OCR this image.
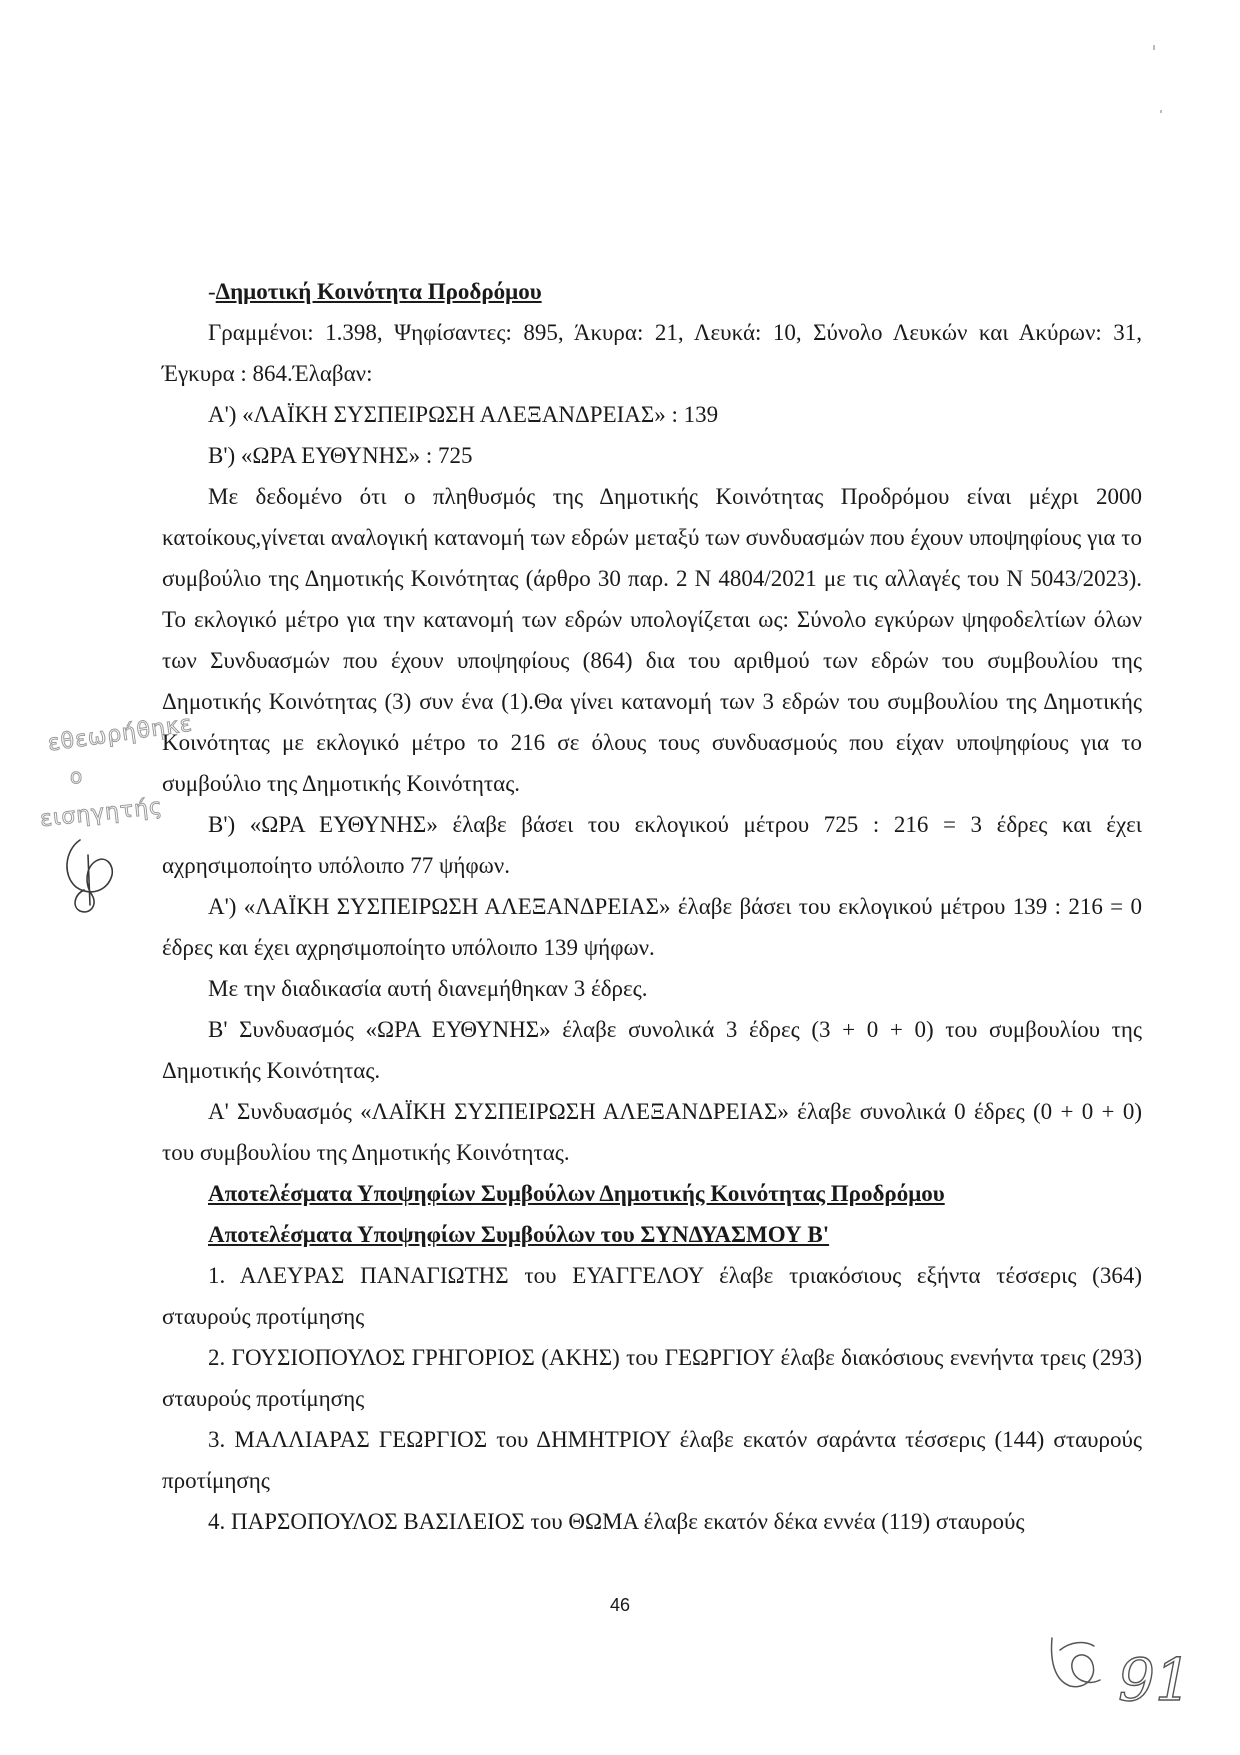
-Δημοτική Κοινότητα Προδρόμου

Γραμμένοι: 1.398, Ψηφίσαντες: 895, Άκυρα: 21, Λευκά: 10, Σύνολο Λευκών και Ακύρων: 31, Έγκυρα : 864.Έλαβαν:

Α') «ΛΑΪΚΗ ΣΥΣΠΕΙΡΩΣΗ ΑΛΕΞΑΝΔΡΕΙΑΣ» : 139

Β') «ΩΡΑ ΕΥΘΥΝΗΣ» : 725

Με δεδομένο ότι ο πληθυσμός της Δημοτικής Κοινότητας Προδρόμου είναι μέχρι 2000 κατοίκους,γίνεται αναλογική κατανομή των εδρών μεταξύ των συνδυασμών που έχουν υποψηφίους για το συμβούλιο της Δημοτικής Κοινότητας (άρθρο 30 παρ. 2 Ν 4804/2021 με τις αλλαγές του Ν 5043/2023). Το εκλογικό μέτρο για την κατανομή των εδρών υπολογίζεται ως: Σύνολο εγκύρων ψηφοδελτίων όλων των Συνδυασμών που έχουν υποψηφίους (864) δια του αριθμού των εδρών του συμβουλίου της Δημοτικής Κοινότητας (3) συν ένα (1).Θα γίνει κατανομή των 3 εδρών του συμβουλίου της Δημοτικής Κοινότητας με εκλογικό μέτρο το 216 σε όλους τους συνδυασμούς που είχαν υποψηφίους για το συμβούλιο της Δημοτικής Κοινότητας.

Β') «ΩΡΑ ΕΥΘΥΝΗΣ» έλαβε βάσει του εκλογικού μέτρου 725 : 216 = 3 έδρες και έχει αχρησιμοποίητο υπόλοιπο 77 ψήφων.

Α') «ΛΑΪΚΗ ΣΥΣΠΕΙΡΩΣΗ ΑΛΕΞΑΝΔΡΕΙΑΣ» έλαβε βάσει του εκλογικού μέτρου 139 : 216 = 0 έδρες και έχει αχρησιμοποίητο υπόλοιπο 139 ψήφων.

Με την διαδικασία αυτή διανεμήθηκαν 3 έδρες.

Β' Συνδυασμός «ΩΡΑ ΕΥΘΥΝΗΣ» έλαβε συνολικά 3 έδρες (3 + 0 + 0) του συμβουλίου της Δημοτικής Κοινότητας.

Α' Συνδυασμός «ΛΑΪΚΗ ΣΥΣΠΕΙΡΩΣΗ ΑΛΕΞΑΝΔΡΕΙΑΣ» έλαβε συνολικά 0 έδρες (0 + 0 + 0) του συμβουλίου της Δημοτικής Κοινότητας.

Αποτελέσματα Υποψηφίων Συμβούλων Δημοτικής Κοινότητας Προδρόμου

Αποτελέσματα Υποψηφίων Συμβούλων του ΣΥΝΔΥΑΣΜΟΥ Β'

1. ΑΛΕΥΡΑΣ ΠΑΝΑΓΙΩΤΗΣ του ΕΥΑΓΓΕΛΟΥ έλαβε τριακόσιους εξήντα τέσσερις (364) σταυρούς προτίμησης

2. ΓΟΥΣΙΟΠΟΥΛΟΣ ΓΡΗΓΟΡΙΟΣ (ΑΚΗΣ) του ΓΕΩΡΓΙΟΥ έλαβε διακόσιους ενενήντα τρεις (293) σταυρούς προτίμησης

3. ΜΑΛΛΙΑΡΑΣ ΓΕΩΡΓΙΟΣ του ΔΗΜΗΤΡΙΟΥ έλαβε εκατόν σαράντα τέσσερις (144) σταυρούς προτίμησης

4. ΠΑΡΣΟΠΟΥΛΟΣ ΒΑΣΙΛΕΙΟΣ του ΘΩΜΑ έλαβε εκατόν δέκα εννέα (119) σταυρούς

46
εθεωρήθηκε
ο
εισηγητής
91
